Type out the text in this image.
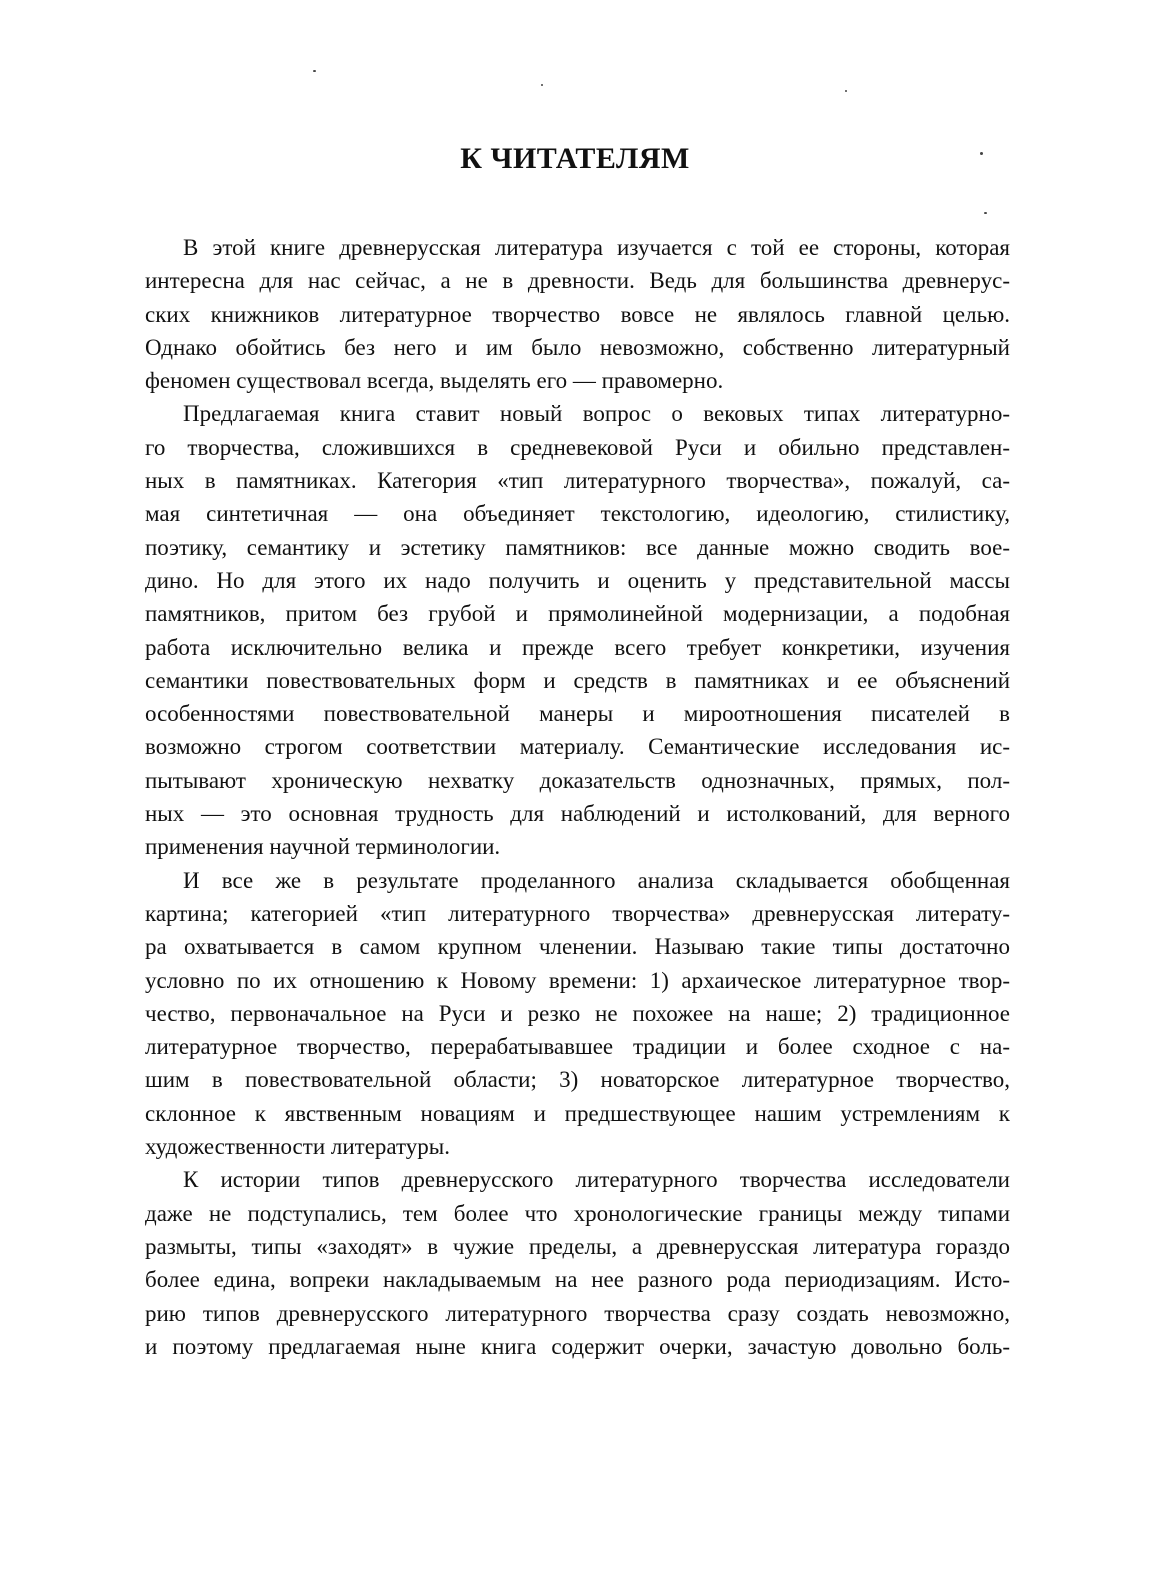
К ЧИТАТЕЛЯМ
В этой книге древнерусская литература изучается с той ее стороны, которая
интересна для нас сейчас, а не в древности. Ведь для большинства древнерус-
ских книжников литературное творчество вовсе не являлось главной целью.
Однако обойтись без него и им было невозможно, собственно литературный
феномен существовал всегда, выделять его — правомерно.
Предлагаемая книга ставит новый вопрос о вековых типах литературно-
го творчества, сложившихся в средневековой Руси и обильно представлен-
ных в памятниках. Категория «тип литературного творчества», пожалуй, са-
мая синтетичная — она объединяет текстологию, идеологию, стилистику,
поэтику, семантику и эстетику памятников: все данные можно сводить вое-
дино. Но для этого их надо получить и оценить у представительной массы
памятников, притом без грубой и прямолинейной модернизации, а подобная
работа исключительно велика и прежде всего требует конкретики, изучения
семантики повествовательных форм и средств в памятниках и ее объяснений
особенностями повествовательной манеры и мироотношения писателей в
возможно строгом соответствии материалу. Семантические исследования ис-
пытывают хроническую нехватку доказательств однозначных, прямых, пол-
ных — это основная трудность для наблюдений и истолкований, для верного
применения научной терминологии.
И все же в результате проделанного анализа складывается обобщенная
картина; категорией «тип литературного творчества» древнерусская литерату-
ра охватывается в самом крупном членении. Называю такие типы достаточно
условно по их отношению к Новому времени: 1) архаическое литературное твор-
чество, первоначальное на Руси и резко не похожее на наше; 2) традиционное
литературное творчество, перерабатывавшее традиции и более сходное с на-
шим в повествовательной области; 3) новаторское литературное творчество,
склонное к явственным новациям и предшествующее нашим устремлениям к
художественности литературы.
К истории типов древнерусского литературного творчества исследователи
даже не подступались, тем более что хронологические границы между типами
размыты, типы «заходят» в чужие пределы, а древнерусская литература гораздо
более едина, вопреки накладываемым на нее разного рода периодизациям. Исто-
рию типов древнерусского литературного творчества сразу создать невозможно,
и поэтому предлагаемая ныне книга содержит очерки, зачастую довольно боль-
